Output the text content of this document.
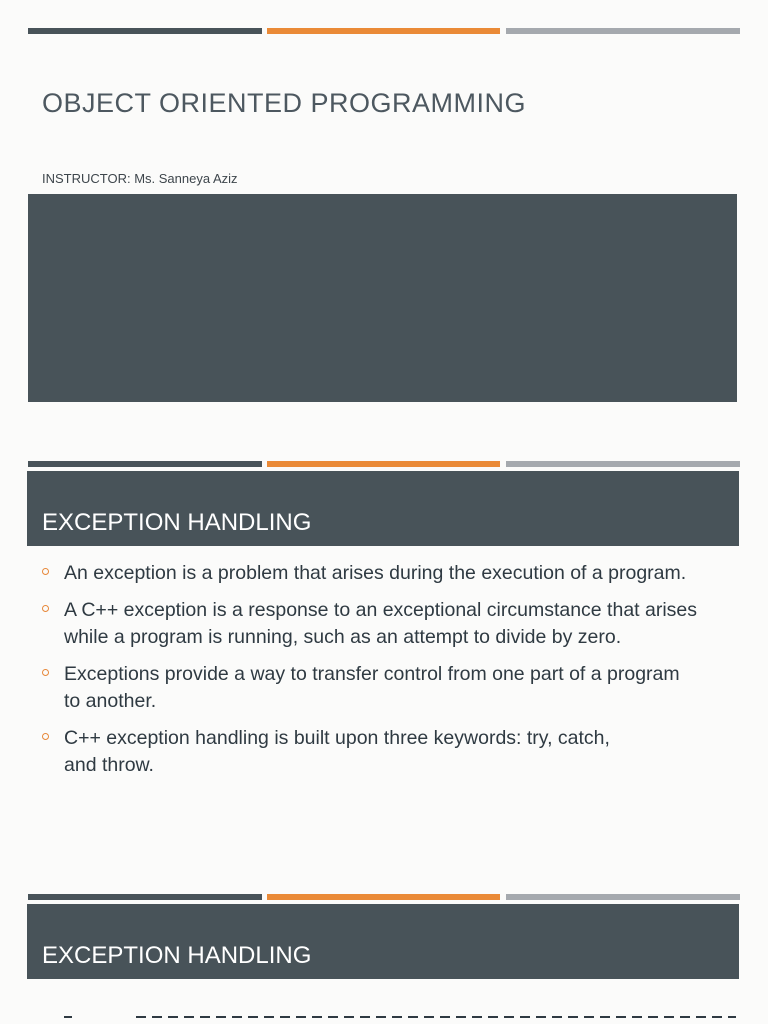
OBJECT ORIENTED PROGRAMMING
INSTRUCTOR: Ms. Sanneya Aziz
EXCEPTION HANDLING
An exception is a problem that arises during the execution of a program.
A C++ exception is a response to an exceptional circumstance that arises while a program is running, such as an attempt to divide by zero.
Exceptions provide a way to transfer control from one part of a program to another.
C++ exception handling is built upon three keywords: try, catch, and throw.
EXCEPTION HANDLING
